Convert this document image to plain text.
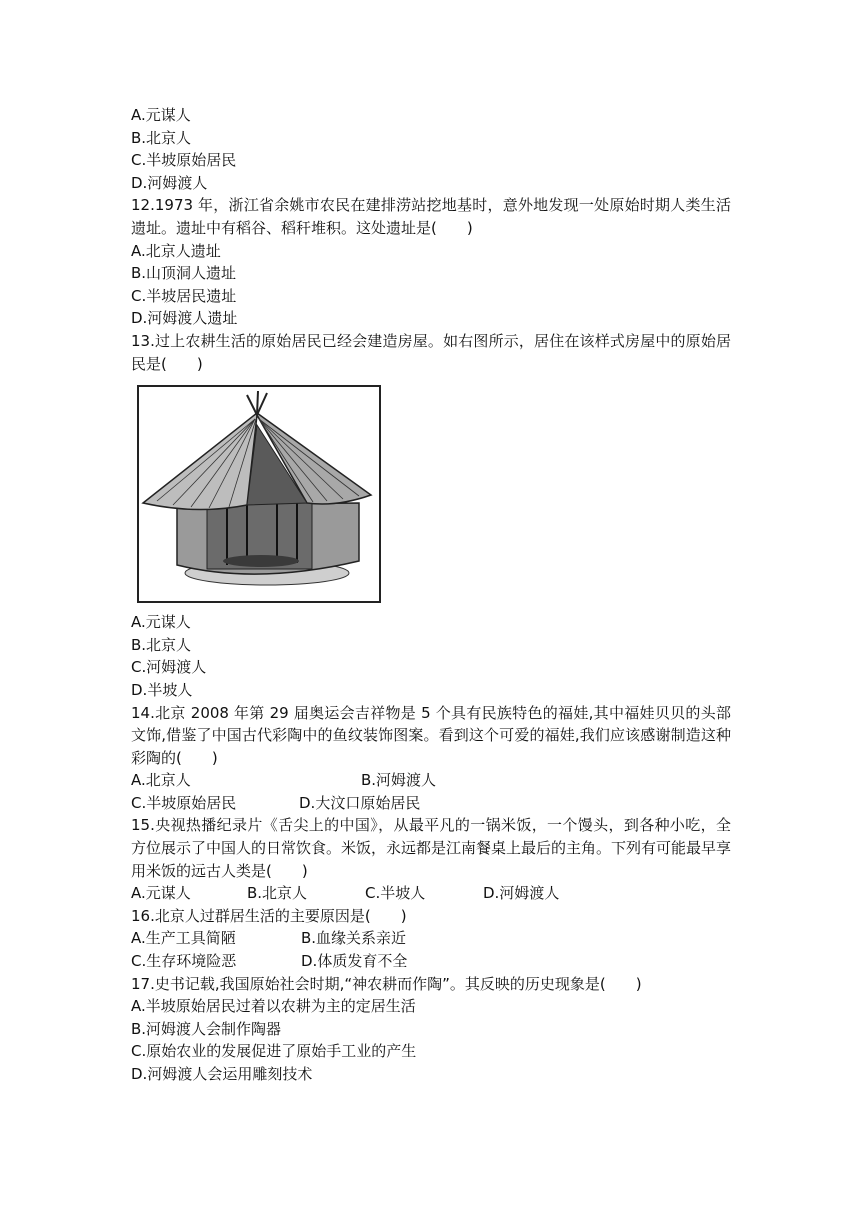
A.元谋人
B.北京人
C.半坡原始居民
D.河姆渡人
12.1973 年，浙江省余姚市农民在建排涝站挖地基时，意外地发现一处原始时期人类生活遗址。遗址中有稻谷、稻秆堆积。这处遗址是(　　)
A.北京人遗址
B.山顶洞人遗址
C.半坡居民遗址
D.河姆渡人遗址
13.过上农耕生活的原始居民已经会建造房屋。如右图所示，居住在该样式房屋中的原始居民是(　　)
A.元谋人
B.北京人
C.河姆渡人
D.半坡人
14.北京 2008 年第 29 届奥运会吉祥物是 5 个具有民族特色的福娃,其中福娃贝贝的头部文饰,借鉴了中国古代彩陶中的鱼纹装饰图案。看到这个可爱的福娃,我们应该感谢制造这种彩陶的(　　)
A.北京人	B.河姆渡人
C.半坡原始居民	D.大汶口原始居民
15.央视热播纪录片《舌尖上的中国》，从最平凡的一锅米饭，一个馒头，到各种小吃，全方位展示了中国人的日常饮食。米饭，永远都是江南餐桌上最后的主角。下列有可能最早享用米饭的远古人类是(　　)
A.元谋人	B.北京人	C.半坡人	D.河姆渡人
16.北京人过群居生活的主要原因是(　　)
A.生产工具简陋	B.血缘关系亲近
C.生存环境险恶	D.体质发育不全
17.史书记载,我国原始社会时期,“神农耕而作陶”。其反映的历史现象是(　　)
A.半坡原始居民过着以农耕为主的定居生活
B.河姆渡人会制作陶器
C.原始农业的发展促进了原始手工业的产生
D.河姆渡人会运用雕刻技术
